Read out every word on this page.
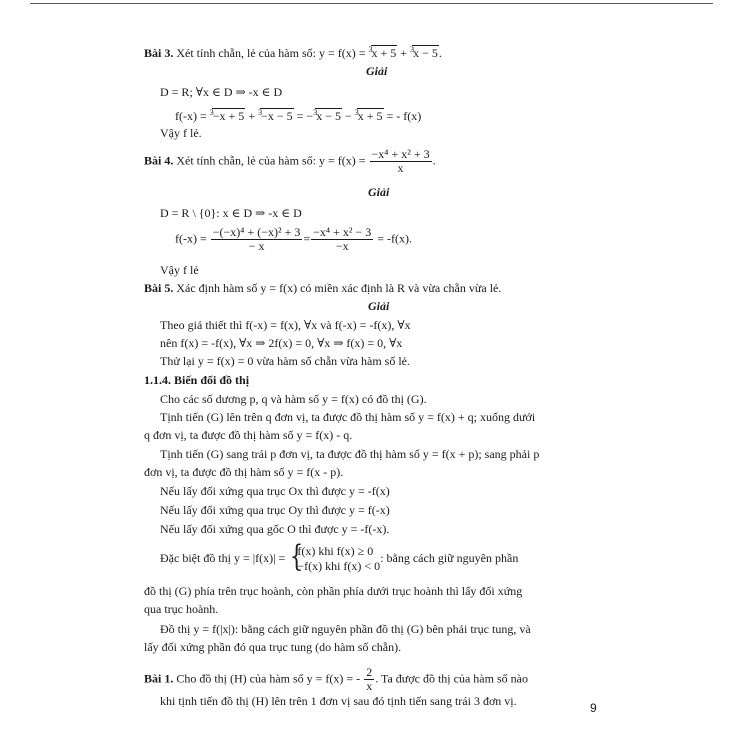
Bài 3. Xét tính chẵn, lẻ của hàm số: y = f(x) = $^3$x + 5 + $^3$x − 5.
Giải
D = R; ∀x ∈ D ⇒ -x ∈ D
f(-x) = $^3$−x + 5 + $^3$−x − 5 = −$^3$x − 5 − $^3$x + 5 = - f(x)
Vậy f lẻ.
Bài 4. Xét tính chẵn, lẻ của hàm số: $y = f(x) = \frac{\text{−x⁴ + x² + 3}}{x}$ .
Giải
D = R \ {0}: x ∈ D ⇒ -x ∈ D
$f(-x) = \frac{\text{−(−x)⁴ + (−x)² + 3}}{- x} = \frac{\text{−x⁴ + x² − 3}}{-x} = -f(x)$.
Vậy f lẻ
Bài 5. Xác định hàm số y = f(x) có miền xác định là R và vừa chẵn vừa lẻ.
Giải
Theo giả thiết thì f(-x) = f(x), ∀x và f(-x) = -f(x), ∀x
nên f(x) = -f(x), ∀x ⇒ 2f(x) = 0, ∀x ⇒ f(x) = 0, ∀x
Thử lại y = f(x) = 0 vừa hàm số chẵn vừa hàm số lẻ.
1.1.4. Biến đổi đồ thị
Cho các số dương p, q và hàm số y = f(x) có đồ thị (G).
Tịnh tiến (G) lên trên q đơn vị, ta được đồ thị hàm số y = f(x) + q; xuống dưới
q đơn vị, ta được đồ thị hàm số y = f(x) - q.
Tịnh tiến (G) sang trái p đơn vị, ta được đồ thị hàm số y = f(x + p); sang phải p
đơn vị, ta được đồ thị hàm số y = f(x - p).
Nếu lấy đối xứng qua trục Ox thì được y = -f(x)
Nếu lấy đối xứng qua trục Oy thì được y = f(-x)
Nếu lấy đối xứng qua gốc O thì được y = -f(-x).
Đặc biệt đồ thị y = |f(x)| = {
f(x) khi f(x) ≥ 0
−f(x) khi f(x) < 0
: bằng cách giữ nguyên phần
đồ thị (G) phía trên trục hoành, còn phần phía dưới trục hoành thì lấy đối xứng
qua trục hoành.
Đồ thị y = f(|x|): bằng cách giữ nguyên phần đồ thị (G) bên phải trục tung, và
lấy đối xứng phần đó qua trục tung (do hàm số chẵn).
Bài 1. Cho đồ thị (H) của hàm số y = f(x) = - $\frac{2}{x}$ . Ta được đồ thị của hàm số nào
khi tịnh tiến đồ thị (H) lên trên 1 đơn vị sau đó tịnh tiến sang trái 3 đơn vị.	9
